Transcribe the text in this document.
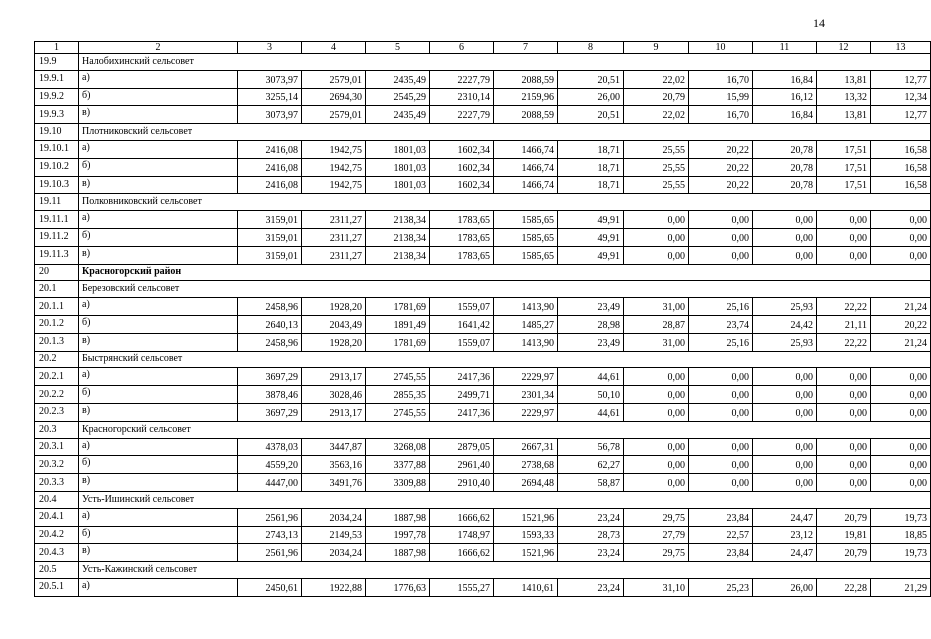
14
1	2	3	4	5	6	7	8	9	10	11	12	13
19.9	Налобихинский сельсовет											
19.9.1	а)	3073,97	2579,01	2435,49	2227,79	2088,59	20,51	22,02	16,70	16,84	13,81	12,77
19.9.2	б)	3255,14	2694,30	2545,29	2310,14	2159,96	26,00	20,79	15,99	16,12	13,32	12,34
19.9.3	в)	3073,97	2579,01	2435,49	2227,79	2088,59	20,51	22,02	16,70	16,84	13,81	12,77
19.10	Плотниковский сельсовет											
19.10.1	а)	2416,08	1942,75	1801,03	1602,34	1466,74	18,71	25,55	20,22	20,78	17,51	16,58
19.10.2	б)	2416,08	1942,75	1801,03	1602,34	1466,74	18,71	25,55	20,22	20,78	17,51	16,58
19.10.3	в)	2416,08	1942,75	1801,03	1602,34	1466,74	18,71	25,55	20,22	20,78	17,51	16,58
19.11	Полковниковский сельсовет											
19.11.1	а)	3159,01	2311,27	2138,34	1783,65	1585,65	49,91	0,00	0,00	0,00	0,00	0,00
19.11.2	б)	3159,01	2311,27	2138,34	1783,65	1585,65	49,91	0,00	0,00	0,00	0,00	0,00
19.11.3	в)	3159,01	2311,27	2138,34	1783,65	1585,65	49,91	0,00	0,00	0,00	0,00	0,00
20	Красногорский район											
20.1	Березовский сельсовет											
20.1.1	а)	2458,96	1928,20	1781,69	1559,07	1413,90	23,49	31,00	25,16	25,93	22,22	21,24
20.1.2	б)	2640,13	2043,49	1891,49	1641,42	1485,27	28,98	28,87	23,74	24,42	21,11	20,22
20.1.3	в)	2458,96	1928,20	1781,69	1559,07	1413,90	23,49	31,00	25,16	25,93	22,22	21,24
20.2	Быстрянский сельсовет											
20.2.1	а)	3697,29	2913,17	2745,55	2417,36	2229,97	44,61	0,00	0,00	0,00	0,00	0,00
20.2.2	б)	3878,46	3028,46	2855,35	2499,71	2301,34	50,10	0,00	0,00	0,00	0,00	0,00
20.2.3	в)	3697,29	2913,17	2745,55	2417,36	2229,97	44,61	0,00	0,00	0,00	0,00	0,00
20.3	Красногорский сельсовет											
20.3.1	а)	4378,03	3447,87	3268,08	2879,05	2667,31	56,78	0,00	0,00	0,00	0,00	0,00
20.3.2	б)	4559,20	3563,16	3377,88	2961,40	2738,68	62,27	0,00	0,00	0,00	0,00	0,00
20.3.3	в)	4447,00	3491,76	3309,88	2910,40	2694,48	58,87	0,00	0,00	0,00	0,00	0,00
20.4	Усть-Ишинский сельсовет											
20.4.1	а)	2561,96	2034,24	1887,98	1666,62	1521,96	23,24	29,75	23,84	24,47	20,79	19,73
20.4.2	б)	2743,13	2149,53	1997,78	1748,97	1593,33	28,73	27,79	22,57	23,12	19,81	18,85
20.4.3	в)	2561,96	2034,24	1887,98	1666,62	1521,96	23,24	29,75	23,84	24,47	20,79	19,73
20.5	Усть-Кажинский сельсовет											
20.5.1	а)	2450,61	1922,88	1776,63	1555,27	1410,61	23,24	31,10	25,23	26,00	22,28	21,29
